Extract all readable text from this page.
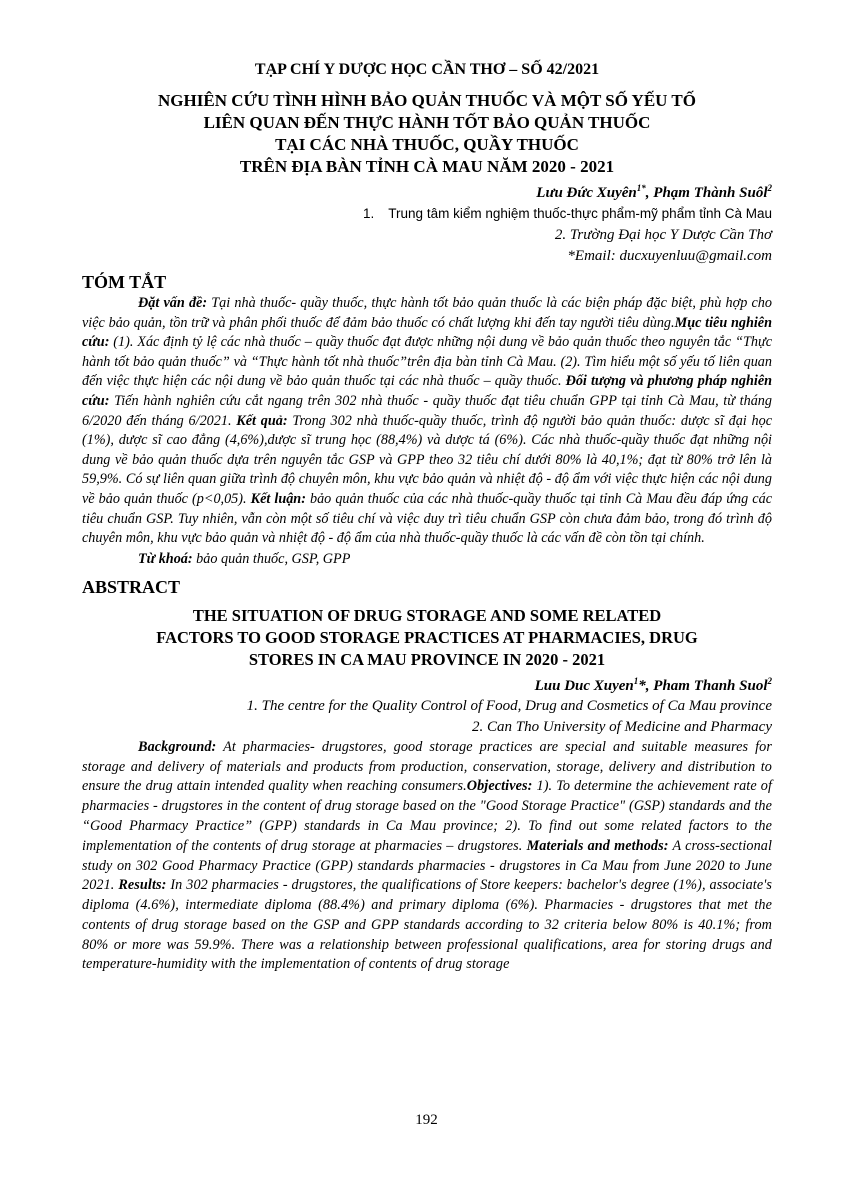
TẠP CHÍ Y DƯỢC HỌC CẦN THƠ – SỐ 42/2021

NGHIÊN CỨU TÌNH HÌNH BẢO QUẢN THUỐC VÀ MỘT SỐ YẾU TỐ

LIÊN QUAN ĐẾN THỰC HÀNH TỐT BẢO QUẢN THUỐC

TẠI CÁC NHÀ THUỐC, QUẦY THUỐC

TRÊN ĐỊA BÀN TỈNH CÀ MAU NĂM 2020 - 2021

Lưu Đức Xuyên$^{1*}$, Phạm Thành Suôl$^2$

1. Trung tâm kiểm nghiệm thuốc-thực phẩm-mỹ phẩm tỉnh Cà Mau

2. Trường Đại học Y Dược Cần Thơ

*Email: ducxuyenluu@gmail.com

TÓM TẮT

Đặt vấn đề: Tại nhà thuốc- quầy thuốc, thực hành tốt bảo quản thuốc là các biện pháp đặc biệt, phù hợp cho việc bảo quản, tồn trữ và phân phối thuốc để đảm bảo thuốc có chất lượng khi đến tay người tiêu dùng.Mục tiêu nghiên cứu: (1). Xác định tỷ lệ các nhà thuốc – quầy thuốc đạt được những nội dung về bảo quản thuốc theo nguyên tắc “Thực hành tốt bảo quản thuốc” và “Thực hành tốt nhà thuốc”trên địa bàn tỉnh Cà Mau. (2). Tìm hiểu một số yếu tố liên quan đến việc thực hiện các nội dung về bảo quản thuốc tại các nhà thuốc – quầy thuốc. Đối tượng và phương pháp nghiên cứu: Tiến hành nghiên cứu cắt ngang trên 302 nhà thuốc - quầy thuốc đạt tiêu chuẩn GPP tại tỉnh Cà Mau, từ tháng 6/2020 đến tháng 6/2021. Kết quả: Trong 302 nhà thuốc-quầy thuốc, trình độ người bảo quản thuốc: dược sĩ đại học (1%), dược sĩ cao đẳng (4,6%),dược sĩ trung học (88,4%) và dược tá (6%). Các nhà thuốc-quầy thuốc đạt những nội dung về bảo quản thuốc dựa trên nguyên tắc GSP và GPP theo 32 tiêu chí dưới 80% là 40,1%; đạt từ 80% trở lên là 59,9%. Có sự liên quan giữa trình độ chuyên môn, khu vực bảo quản và nhiệt độ - độ ẩm với việc thực hiện các nội dung về bảo quản thuốc (p<0,05). Kết luận: bảo quản thuốc của các nhà thuốc-quầy thuốc tại tỉnh Cà Mau đều đáp ứng các tiêu chuẩn GSP. Tuy nhiên, vẫn còn một số tiêu chí và việc duy trì tiêu chuẩn GSP còn chưa đảm bảo, trong đó trình độ chuyên môn, khu vực bảo quản và nhiệt độ - độ ẩm của nhà thuốc-quầy thuốc là các vấn đề còn tồn tại chính.

Từ khoá: bảo quản thuốc, GSP, GPP

ABSTRACT

THE SITUATION OF DRUG STORAGE AND SOME RELATED

FACTORS TO GOOD STORAGE PRACTICES AT PHARMACIES, DRUG

STORES IN CA MAU PROVINCE IN 2020 - 2021

Luu Duc Xuyen$^1$*, Pham Thanh Suol$^2$

1. The centre for the Quality Control of Food, Drug and Cosmetics of Ca Mau province

2. Can Tho University of Medicine and Pharmacy

Background: At pharmacies- drugstores, good storage practices are special and suitable measures for storage and delivery of materials and products from production, conservation, storage, delivery and distribution to ensure the drug attain intended quality when reaching consumers.Objectives: 1). To determine the achievement rate of pharmacies - drugstores in the content of drug storage based on the "Good Storage Practice" (GSP) standards and the “Good Pharmacy Practice” (GPP) standards in Ca Mau province; 2). To find out some related factors to the implementation of the contents of drug storage at pharmacies – drugstores. Materials and methods: A cross-sectional study on 302 Good Pharmacy Practice (GPP) standards pharmacies - drugstores in Ca Mau from June 2020 to June 2021. Results: In 302 pharmacies - drugstores, the qualifications of Store keepers: bachelor's degree (1%), associate's diploma (4.6%), intermediate diploma (88.4%) and primary diploma (6%). Pharmacies - drugstores that met the contents of drug storage based on the GSP and GPP standards according to 32 criteria below 80% is 40.1%; from 80% or more was 59.9%. There was a relationship between professional qualifications, area for storing drugs and temperature-humidity with the implementation of contents of drug storage

192
